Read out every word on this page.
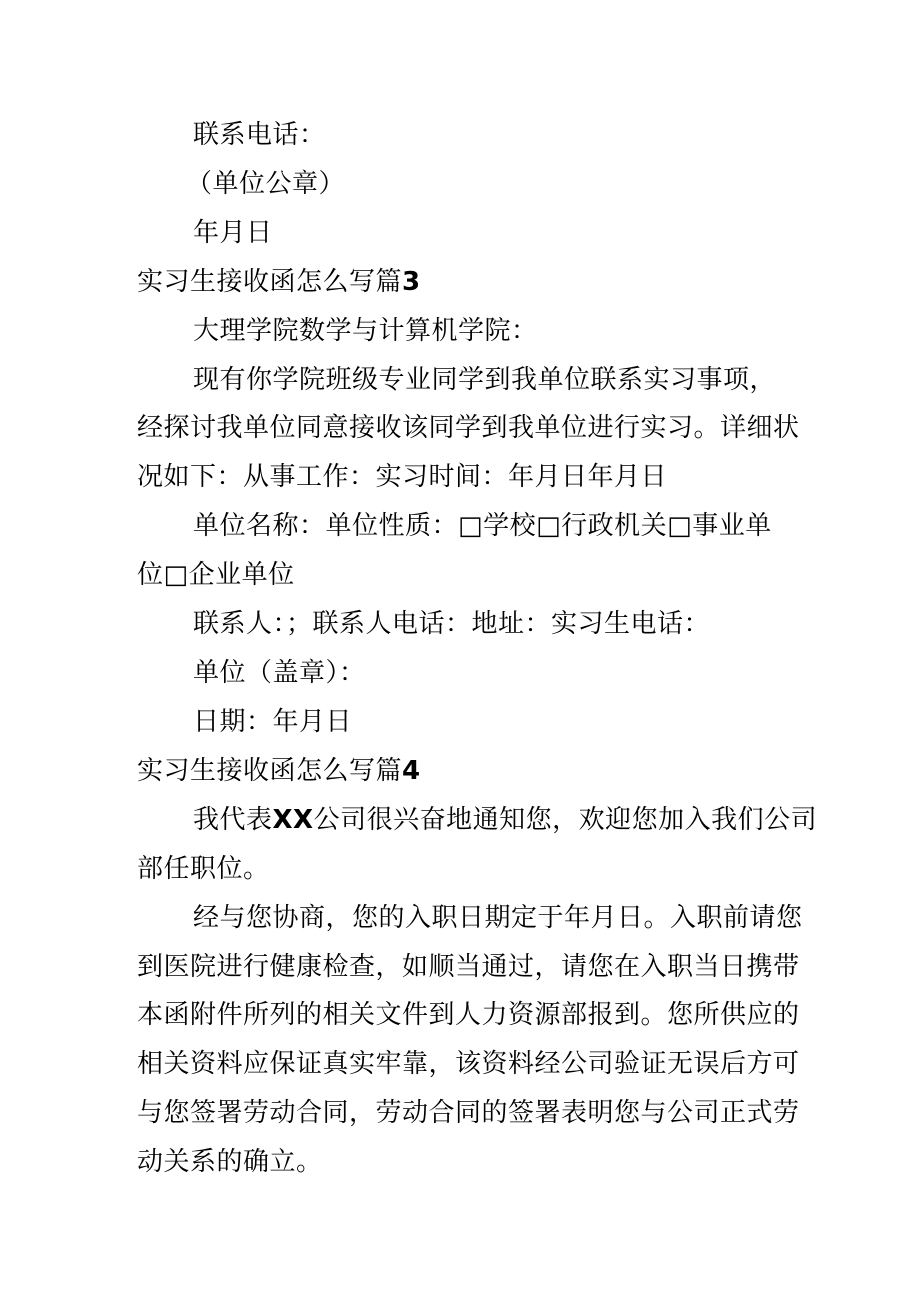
联系电话：
（单位公章）
年月日
实习生接收函怎么写篇3
大理学院数学与计算机学院：
现有你学院班级专业同学到我单位联系实习事项，
经探讨我单位同意接收该同学到我单位进行实习。详细状
况如下：从事工作：实习时间：年月日年月日
单位名称：单位性质：□学校□行政机关□事业单
位□企业单位
联系人：；联系人电话：地址：实习生电话：
单位（盖章）：
日期：年月日
实习生接收函怎么写篇4
我代表XX公司很兴奋地通知您，欢迎您加入我们公司
部任职位。
经与您协商，您的入职日期定于年月日。入职前请您
到医院进行健康检查，如顺当通过，请您在入职当日携带
本函附件所列的相关文件到人力资源部报到。您所供应的
相关资料应保证真实牢靠，该资料经公司验证无误后方可
与您签署劳动合同，劳动合同的签署表明您与公司正式劳
动关系的确立。
